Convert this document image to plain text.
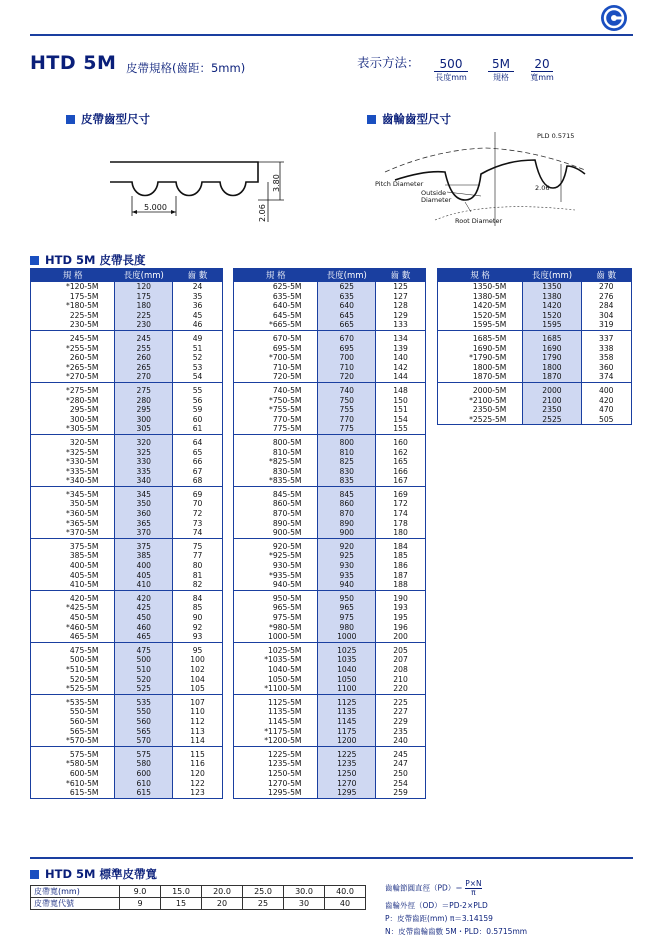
HTD 5M 皮帶規格(齒距：5mm)	表示方法：	500
長度mm
5M
規格
20
寬mm
皮帶齒型尺寸	齒輪齒型尺寸
5.000
3.80
2.06
PLD 0.5715
Pitch Diameter
Outside Diameter
Root Diameter
2.06
HTD 5M 皮帶長度
規 格	長度(mm)	齒 數
*120-5M	120	24
175-5M	175	35
*180-5M	180	36
225-5M	225	45
230-5M	230	46
245-5M	245	49
*255-5M	255	51
260-5M	260	52
*265-5M	265	53
*270-5M	270	54
*275-5M	275	55
*280-5M	280	56
295-5M	295	59
300-5M	300	60
*305-5M	305	61
320-5M	320	64
*325-5M	325	65
*330-5M	330	66
*335-5M	335	67
*340-5M	340	68
*345-5M	345	69
350-5M	350	70
*360-5M	360	72
*365-5M	365	73
*370-5M	370	74
375-5M	375	75
385-5M	385	77
400-5M	400	80
405-5M	405	81
410-5M	410	82
420-5M	420	84
*425-5M	425	85
450-5M	450	90
*460-5M	460	92
465-5M	465	93
475-5M	475	95
500-5M	500	100
*510-5M	510	102
520-5M	520	104
*525-5M	525	105
*535-5M	535	107
550-5M	550	110
560-5M	560	112
565-5M	565	113
*570-5M	570	114
575-5M	575	115
*580-5M	580	116
600-5M	600	120
*610-5M	610	122
615-5M	615	123
規 格	長度(mm)	齒 數
625-5M	625	125
635-5M	635	127
640-5M	640	128
645-5M	645	129
*665-5M	665	133
670-5M	670	134
695-5M	695	139
*700-5M	700	140
710-5M	710	142
720-5M	720	144
740-5M	740	148
*750-5M	750	150
*755-5M	755	151
770-5M	770	154
775-5M	775	155
800-5M	800	160
810-5M	810	162
*825-5M	825	165
830-5M	830	166
*835-5M	835	167
845-5M	845	169
860-5M	860	172
870-5M	870	174
890-5M	890	178
900-5M	900	180
920-5M	920	184
*925-5M	925	185
930-5M	930	186
*935-5M	935	187
940-5M	940	188
950-5M	950	190
965-5M	965	193
975-5M	975	195
*980-5M	980	196
1000-5M	1000	200
1025-5M	1025	205
*1035-5M	1035	207
1040-5M	1040	208
1050-5M	1050	210
*1100-5M	1100	220
1125-5M	1125	225
1135-5M	1135	227
1145-5M	1145	229
*1175-5M	1175	235
*1200-5M	1200	240
1225-5M	1225	245
1235-5M	1235	247
1250-5M	1250	250
1270-5M	1270	254
1295-5M	1295	259
規 格	長度(mm)	齒 數
1350-5M	1350	270
1380-5M	1380	276
1420-5M	1420	284
1520-5M	1520	304
1595-5M	1595	319
1685-5M	1685	337
1690-5M	1690	338
*1790-5M	1790	358
1800-5M	1800	360
1870-5M	1870	374
2000-5M	2000	400
*2100-5M	2100	420
2350-5M	2350	470
*2525-5M	2525	505
HTD 5M 標準皮帶寬
皮帶寬(mm)	9.0	15.0	20.0	25.0	30.0	40.0
皮帶寬代號	9	15	20	25	30	40
齒輪節圓直徑$(PD)= \frac{P\times N}{\pi}$
齒輪外徑（OD）＝PD-2×PLD
P：皮帶齒距(mm) π＝3.14159
N：皮帶齒輪齒數 5M・PLD：0.5715mm
